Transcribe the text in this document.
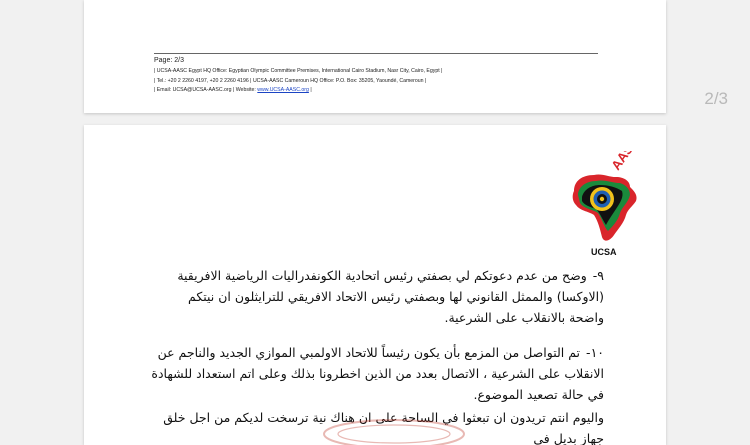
Page: 2/3
| UCSA-AASC Egypt HQ Office: Egyptian Olympic Committee Premises, International Cairo Stadium, Nasr City, Cairo, Egypt |
| Tel.: +20 2 2260 4197, +20 2 2260 4196 | UCSA-AASC Cameroun HQ Office: P.O. Box: 35205, Yaoundé, Cameroun |
| Email: UCSA@UCSA-AASC.org | Website: www.UCSA-AASC.org |	2/3
AASC
UCSA
٩-وضح من عدم دعوتكم لي بصفتي رئيس اتحادية الكونفدراليات الرياضية الافريقية (الاوكسا) والممثل القانوني لها وبصفتي رئيس الاتحاد الافريقي للترايثلون ان نيتكم واضحة بالانقلاب على الشرعية.
١٠-تم التواصل من المزمع بأن يكون رئيساً للاتحاد الاولمبي الموازي الجديد والناجم عن الانقلاب على الشرعية ، الاتصال بعدد من الذين اخطرونا بذلك وعلى اتم استعداد للشهادة في حالة تصعيد الموضوع.
واليوم انتم تريدون ان تبعثوا في الساحة على ان هناك نية ترسخت لديكم من اجل خلق جهاز بديل في
